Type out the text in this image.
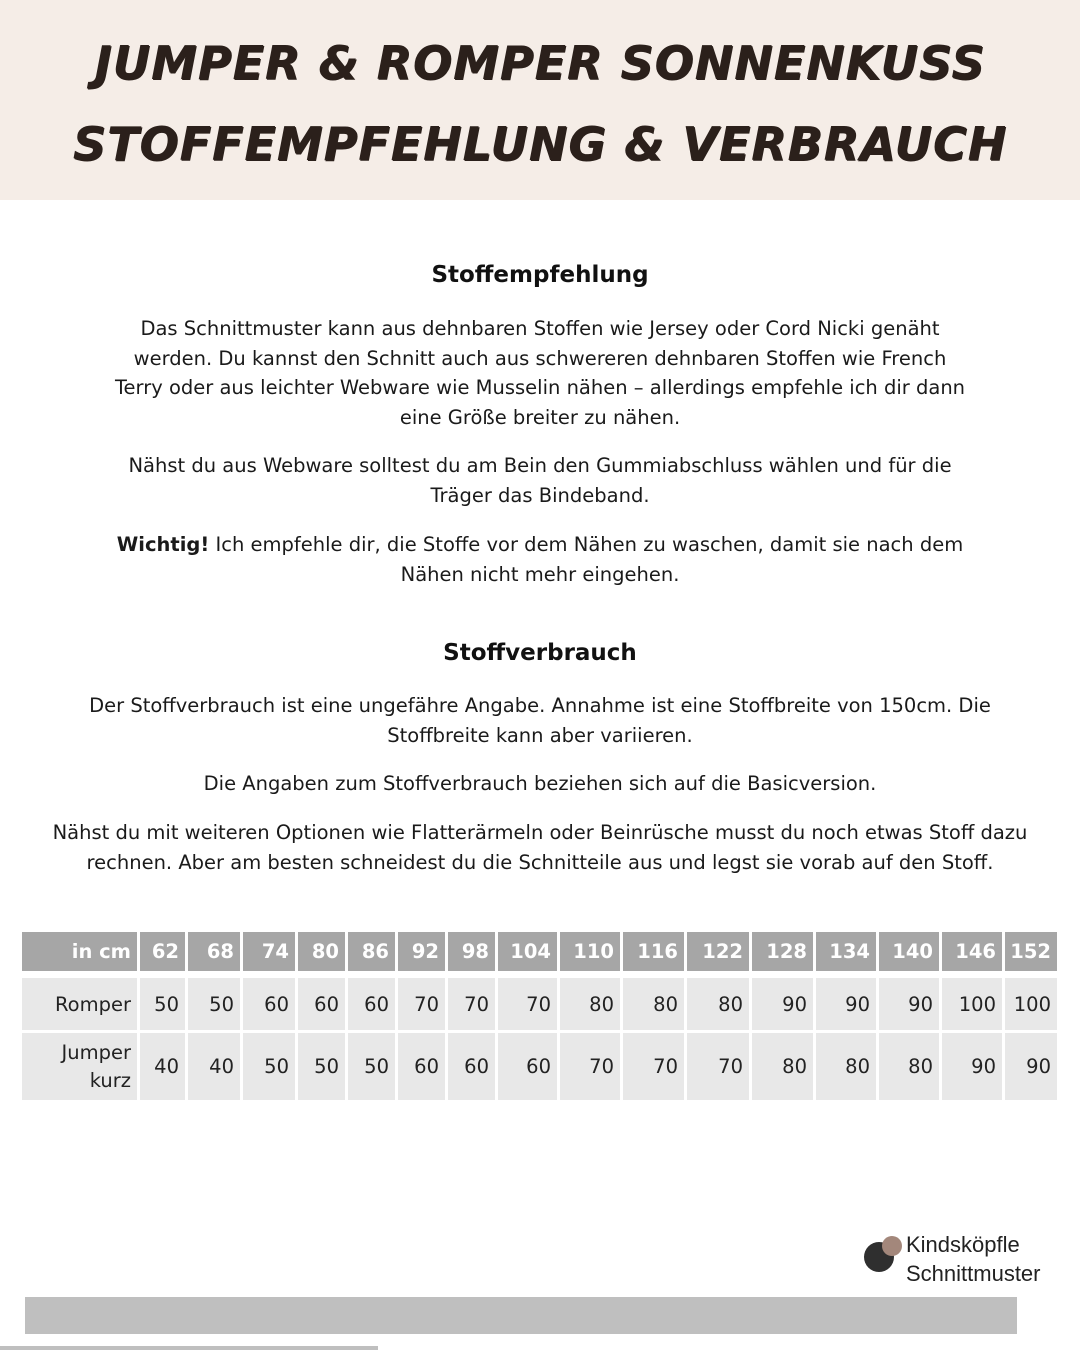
JUMPER & ROMPER SONNENKUSS
STOFFEMPFEHLUNG & VERBRAUCH
Stoffempfehlung
Das Schnittmuster kann aus dehnbaren Stoffen wie Jersey oder Cord Nicki genäht werden. Du kannst den Schnitt auch aus schwereren dehnbaren Stoffen wie French Terry oder aus leichter Webware wie Musselin nähen – allerdings empfehle ich dir dann eine Größe breiter zu nähen.
Nähst du aus Webware solltest du am Bein den Gummiabschluss wählen und für die Träger das Bindeband.
Wichtig! Ich empfehle dir, die Stoffe vor dem Nähen zu waschen, damit sie nach dem Nähen nicht mehr eingehen.
Stoffverbrauch
Der Stoffverbrauch ist eine ungefähre Angabe. Annahme ist eine Stoffbreite von 150cm. Die Stoffbreite kann aber variieren.
Die Angaben zum Stoffverbrauch beziehen sich auf die Basicversion.
Nähst du mit weiteren Optionen wie Flatterärmeln oder Beinrüsche musst du noch etwas Stoff dazu rechnen. Aber am besten schneidest du die Schnitteile aus und legst sie vorab auf den Stoff.
in cm	62	68	74	80	86	92	98	104	110	116	122	128	134	140	146 152
Romper	50	50	60	60	60	70	70	70	80	80	80	90	90	90	100 100
Jumper
kurz
40	40	50	50	50	60	60	60	70	70	70	80	80	80	90	90
Kindsköpfle
Schnittmuster
